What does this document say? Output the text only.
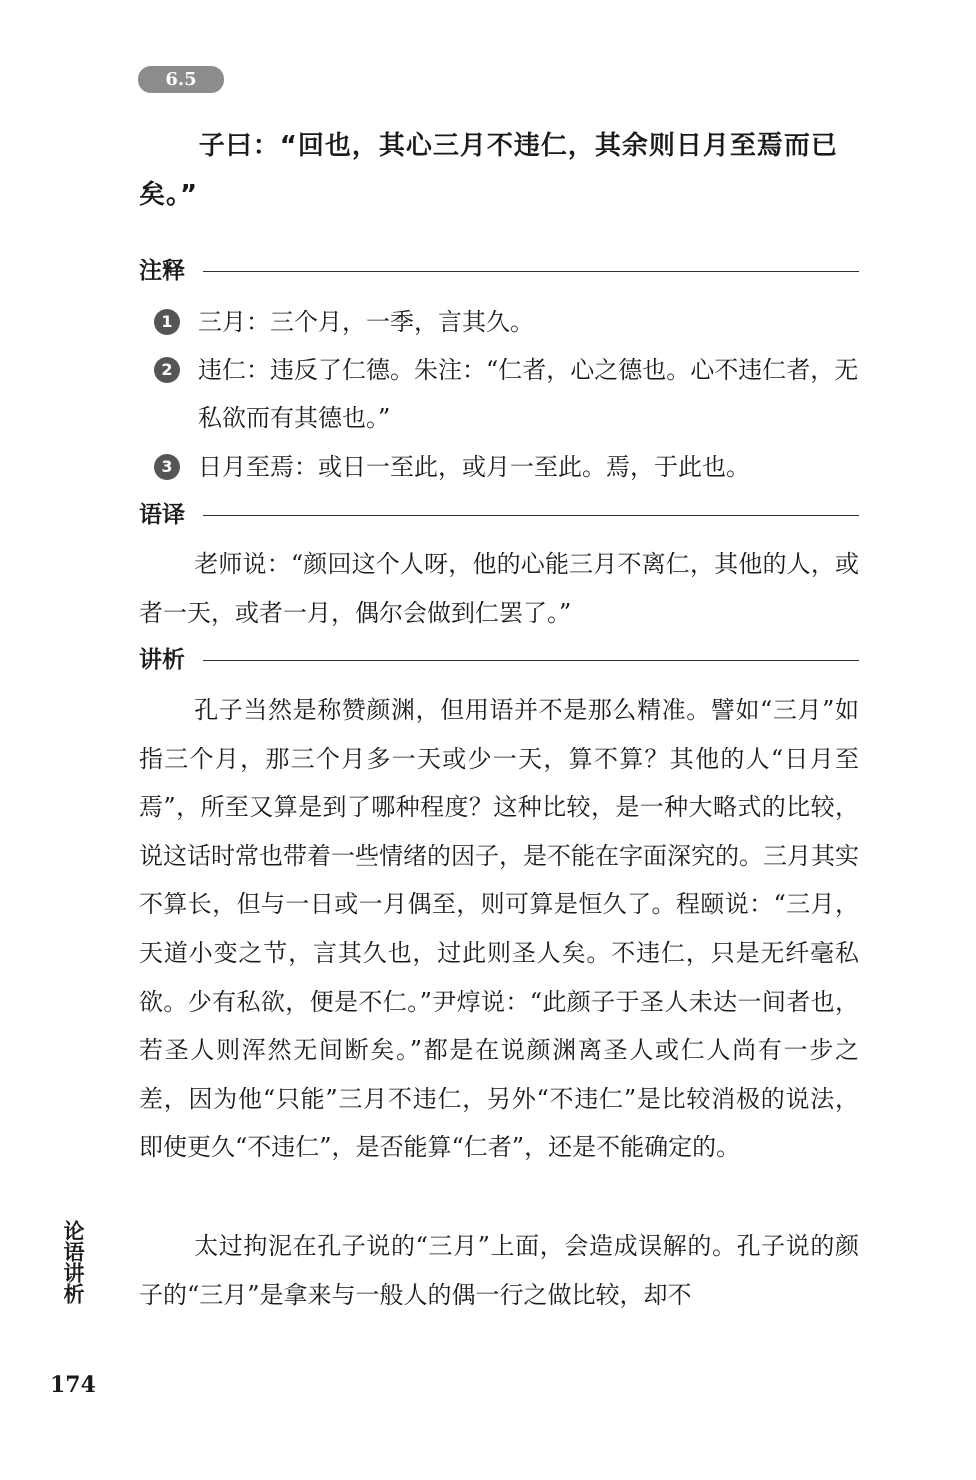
6.5

子曰：“回也，其心三月不违仁，其余则日月至焉而已矣。”

注释
1	三月：三个月，一季，言其久。
2	违仁：违反了仁德。朱注：“仁者，心之德也。心不违仁者，无私欲而有其德也。”
3	日月至焉：或日一至此，或月一至此。焉，于此也。
语译

老师说：“颜回这个人呀，他的心能三月不离仁，其他的人，或者一天，或者一月，偶尔会做到仁罢了。”

讲析

孔子当然是称赞颜渊，但用语并不是那么精准。譬如“三月”如指三个月，那三个月多一天或少一天，算不算？其他的人“日月至焉”，所至又算是到了哪种程度？这种比较，是一种大略式的比较，说这话时常也带着一些情绪的因子，是不能在字面深究的。三月其实不算长，但与一日或一月偶至，则可算是恒久了。程颐说：“三月，天道小变之节，言其久也，过此则圣人矣。不违仁，只是无纤毫私欲。少有私欲，便是不仁。”尹焞说：“此颜子于圣人未达一间者也，若圣人则浑然无间断矣。”都是在说颜渊离圣人或仁人尚有一步之差，因为他“只能”三月不违仁，另外“不违仁”是比较消极的说法，即使更久“不违仁”，是否能算“仁者”，还是不能确定的。

太过拘泥在孔子说的“三月”上面，会造成误解的。孔子说的颜子的“三月”是拿来与一般人的偶一行之做比较，却不

论语讲析
174
